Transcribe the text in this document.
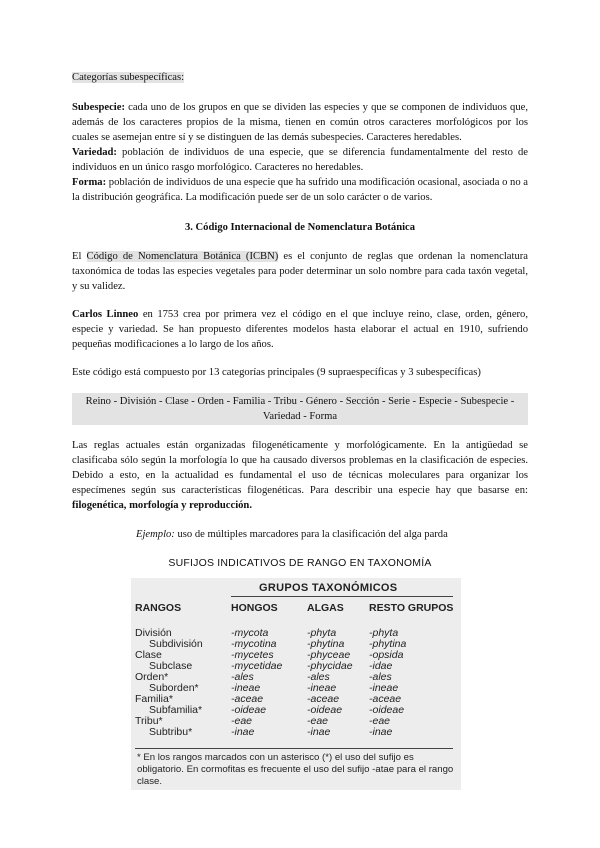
Categorías subespecíficas:
Subespecie: cada uno de los grupos en que se dividen las especies y que se componen de individuos que, además de los caracteres propios de la misma, tienen en común otros caracteres morfológicos por los cuales se asemejan entre sí y se distinguen de las demás subespecies. Caracteres heredables.
Variedad: población de individuos de una especie, que se diferencia fundamentalmente del resto de individuos en un único rasgo morfológico. Caracteres no heredables.
Forma: población de individuos de una especie que ha sufrido una modificación ocasional, asociada o no a la distribución geográfica. La modificación puede ser de un solo carácter o de varios.
3. Código Internacional de Nomenclatura Botánica
El Código de Nomenclatura Botánica (ICBN) es el conjunto de reglas que ordenan la nomenclatura taxonómica de todas las especies vegetales para poder determinar un solo nombre para cada taxón vegetal, y su validez.
Carlos Linneo en 1753 crea por primera vez el código en el que incluye reino, clase, orden, género, especie y variedad. Se han propuesto diferentes modelos hasta elaborar el actual en 1910, sufriendo pequeñas modificaciones a lo largo de los años.
Este código está compuesto por 13 categorías principales (9 supraespecíficas y 3 subespecíficas)
Reino - División - Clase - Orden - Familia - Tribu - Género - Sección - Serie - Especie - Subespecie - Variedad - Forma
Las reglas actuales están organizadas filogenéticamente y morfológicamente. En la antigüedad se clasificaba sólo según la morfología lo que ha causado diversos problemas en la clasificación de especies. Debido a esto, en la actualidad es fundamental el uso de técnicas moleculares para organizar los especímenes según sus características filogenéticas. Para describir una especie hay que basarse en: filogenética, morfología y reproducción.
Ejemplo: uso de múltiples marcadores para la clasificación del alga parda
SUFIJOS INDICATIVOS DE RANGO EN TAXONOMÍA
GRUPOS TAXONÓMICOS
RANGOS	HONGOS	ALGAS RESTO GRUPOS
División	-mycota	-phyta	-phyta
Subdivisión	-mycotina	-phytina -phytina
Clase	-mycetes	-phyceae -opsida
Subclase	-mycetidae -phycidae -idae
Orden*	-ales	-ales	-ales
Suborden*	-ineae	-ineae	-ineae
Familia*	-aceae	-aceae	-aceae
Subfamilia*	-oideae	-oideae	-oideae
Tribu*	-eae	-eae	-eae
Subtribu*	-inae	-inae	-inae
* En los rangos marcados con un asterisco (*) el uso del sufijo es obligatorio. En cormofitas es frecuente el uso del sufijo -atae para el rango clase.
